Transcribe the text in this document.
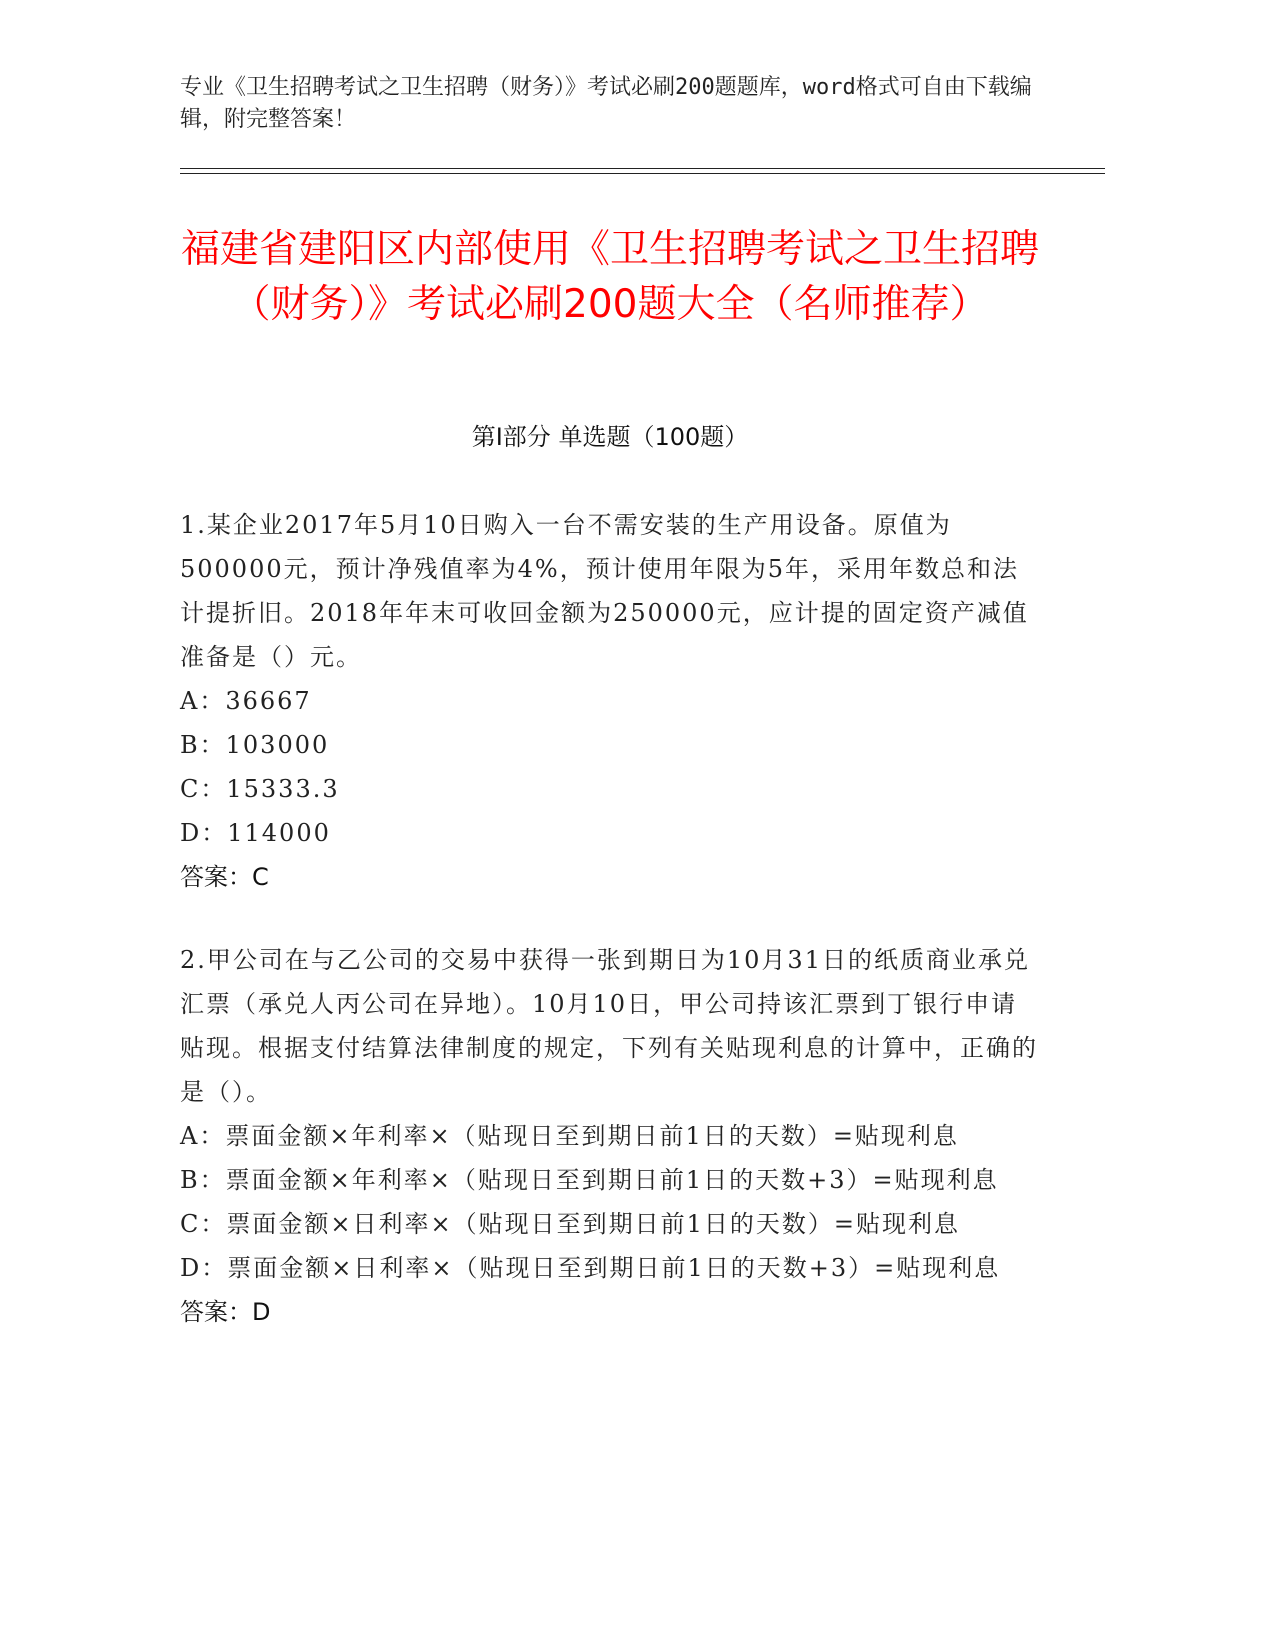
专业《卫生招聘考试之卫生招聘（财务）》考试必刷200题题库，word格式可自由下载编辑，附完整答案！
福建省建阳区内部使用《卫生招聘考试之卫生招聘（财务）》考试必刷200题大全（名师推荐）
第I部分 单选题（100题）

1.某企业2017年5月10日购入一台不需安装的生产用设备。原值为500000元，预计净残值率为4%，预计使用年限为5年，采用年数总和法计提折旧。2018年年末可收回金额为250000元，应计提的固定资产减值准备是（）元。

A：36667

B：103000

C：15333.3

D：114000

答案：C

2.甲公司在与乙公司的交易中获得一张到期日为10月31日的纸质商业承兑汇票（承兑人丙公司在异地）。10月10日，甲公司持该汇票到丁银行申请贴现。根据支付结算法律制度的规定，下列有关贴现利息的计算中，正确的是（）。

A：票面金额×年利率×（贴现日至到期日前1日的天数）=贴现利息

B：票面金额×年利率×（贴现日至到期日前1日的天数+3）=贴现利息

C：票面金额×日利率×（贴现日至到期日前1日的天数）=贴现利息

D：票面金额×日利率×（贴现日至到期日前1日的天数+3）=贴现利息

答案：D
